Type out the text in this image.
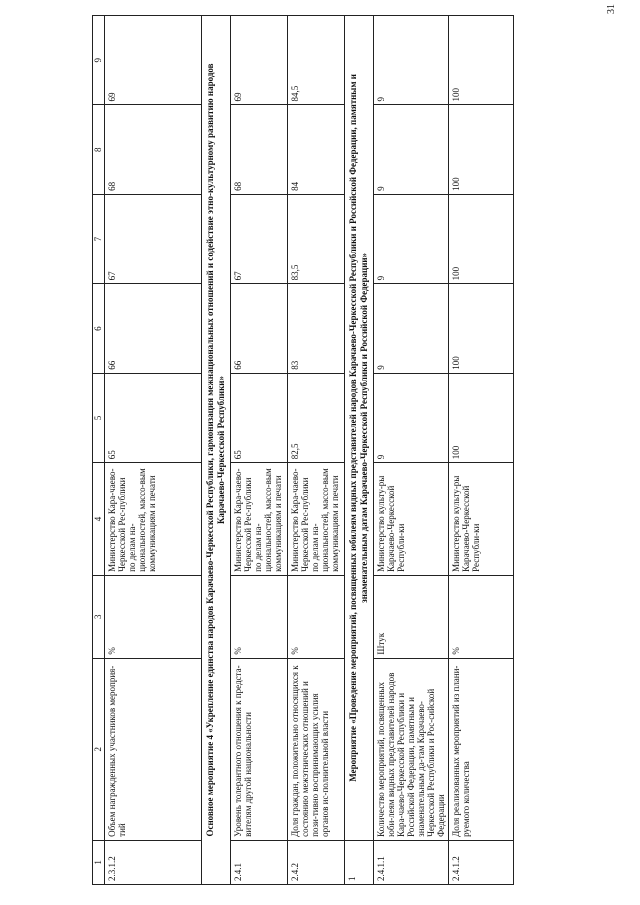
31
1	2	3	4	5	6	7	8	9
2.3.1.2	Объем награжденных участников мероприя-тий	%	Министерство Кара-чаево-Черкесской Рес-публики по делам на-циональностей, массо-вым коммуникациям и печати	65	66	67	68	69
Основное мероприятие 4 «Укрепление единства народов Карачаево-Черкесской Республики, гармонизация межнациональных отношений и содействие этно-культурному развитию народов Карачаево-Черкесской Республики»								
2.4.1	Уровень толерантного отношения к предста-вителям другой национальности	%	Министерство Кара-чаево-Черкесской Рес-публики по делам на-циональностей, массо-вым коммуникациям и печати	65	66	67	68	69
2.4.2	Доля граждан, положительно относящихся к состоянию межэтнических отношений и пози-тивно воспринимающих усилия органов ис-полнительной власти	%	Министерство Кара-чаево-Черкесской Рес-публики по делам на-циональностей, массо-вым коммуникациям и печати	82,5	83	83,5	84	84,5
1	Мероприятие «Проведение мероприятий, посвященных юбилеям видных представителей народов Карачаево-Черкесской Республики и Российской Федерации, памятным и знаменательным датам Карачаево-Черкесской Республики и Российской Федерации»							
2.4.1.1	Количество мероприятий, посвященных юби-леям видных представителей народов Кара-чаево-Черкесской Республики и Российской Федерации, памятным и знаменательным да-там Карачаево-Черкесской Республики и Рос-сийской Федерации	Штук	Министерство культу-ры Карачаево-Черкесской Республи-ки	9	9	9	9	9
2.4.1.2	Доля реализованных мероприятий из плани-руемого количества	%	Министерство культу-ры Карачаево-Черкесской Республи-ки	100	100	100	100	100
